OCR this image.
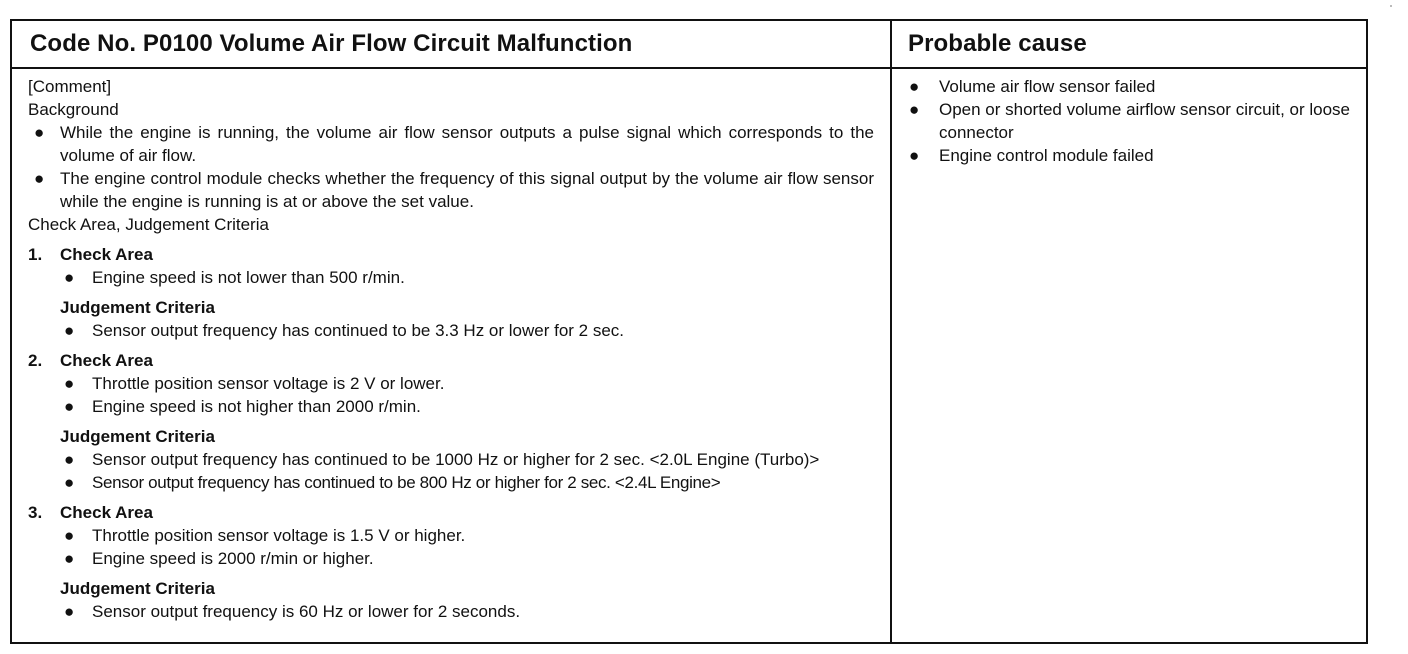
Code No. P0100 Volume Air Flow Circuit Malfunction	Probable cause
[Comment]
Background
● While the engine is running, the volume air flow sensor outputs a pulse signal which corresponds to the volume of air flow.
● The engine control module checks whether the frequency of this signal output by the volume air flow sensor while the engine is running is at or above the set value.
Check Area, Judgement Criteria
1. Check Area
● Engine speed is not lower than 500 r/min.
Judgement Criteria
● Sensor output frequency has continued to be 3.3 Hz or lower for 2 sec.
2. Check Area
● Throttle position sensor voltage is 2 V or lower.
● Engine speed is not higher than 2000 r/min.
Judgement Criteria
● Sensor output frequency has continued to be 1000 Hz or higher for 2 sec. <2.0L Engine (Turbo)>
● Sensor output frequency has continued to be 800 Hz or higher for 2 sec. <2.4L Engine>
3. Check Area
● Throttle position sensor voltage is 1.5 V or higher.
● Engine speed is 2000 r/min or higher.
Judgement Criteria
● Sensor output frequency is 60 Hz or lower for 2 seconds.
● Volume air flow sensor failed
● Open or shorted volume airflow sensor circuit, or loose connector
● Engine control module failed
